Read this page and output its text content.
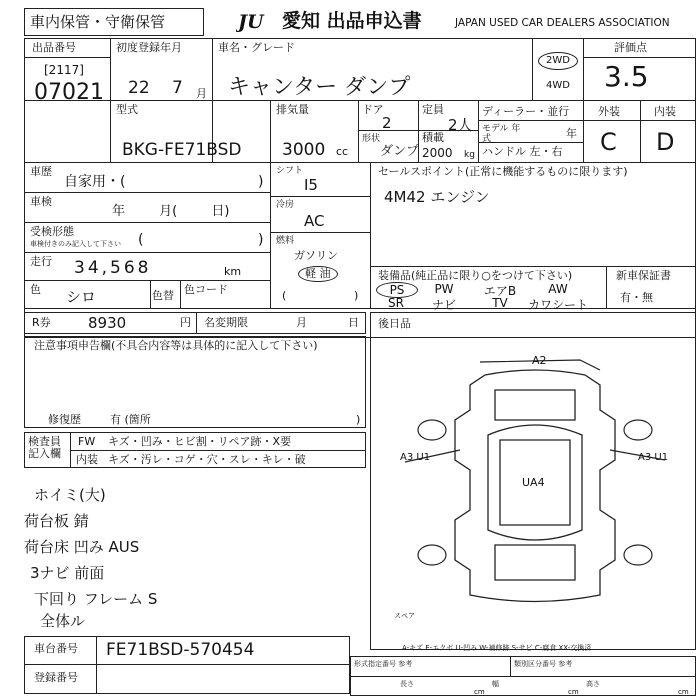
車内保管・守衛保管	JU 愛知 出品申込書	JAPAN USED CAR DEALERS ASSOCIATION
出品番号
[2117]
07021
初度登録年月
22 7 月
車名・グレード
キャンター ダンプ
2WD
4WD
評価点
3.5
型式
BKG-FE71BSD
排気量
3000 cc
ドア
2
定員
2人
形状
ダンプ
積載
2000 kg
ディーラー・並行
モデル 年式	年
ハンドル 左・右
外装	内装
C D
車歴
自家用・(	)
車検
年 月( 日)
受検形態
車検付きのみ記入して下さい (	)
走行 34,568	km
色 シロ	色替 色コード
シフト
I5
冷房
AC
燃料
ガソリン
軽 油
(	)
セールスポイント(正常に機能するものに限ります)
4M42 エンジン
装備品(純正品に限り○をつけて下さい)	新車保証書
有・無
PS	PW	エアB	AW
SR	ナビ	TV	カワシート
R券 8930	円 名変期限	月	日 後日品
注意事項申告欄(不具合内容等は具体的に記入して下さい)
修復歴	有 (箇所	)
検査員 記入欄
FW キズ・凹み・ヒビ割・リペア跡・X要
内装 キズ・汚レ・コゲ・穴・スレ・キレ・破
ホイミ(大)
荷台板 錆
荷台床 凹み AUS
3ナビ 前面
下回り フレーム S
全体ル
A2
A3 U1	A3 U1
UA4
スペア
A-キズ E-エクボ U-凹み W-補修跡 S-サビ C-腐食 XX-交換済
車台番号 FE71BSD-570454
登録番号
形式指定番号 参考	類別区分番号 参考
長さ
cm
幅
cm
高さ
cm
